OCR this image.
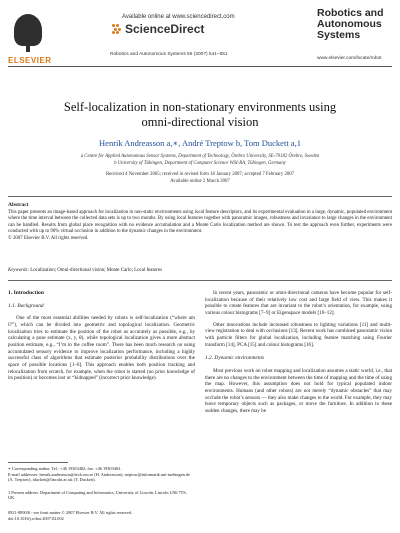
ELSEVIER
Available online at www.sciencedirect.com
ScienceDirect
Robotics and Autonomous Systems 55 (2007) 541–551
Robotics and
Autonomous
Systems
www.elsevier.com/locate/robot
Self-localization in non-stationary environments using
omni-directional vision
Henrik Andreasson a,∗, André Treptow b, Tom Duckett a,1
a Centre for Applied Autonomous Sensor Systems, Department of Technology, Örebro University, SE-70182 Örebro, Sweden
b University of Tübingen, Department of Computer Science WSI-RA, Tübingen, Germany
Received 4 November 2005; received in revised form 18 January 2007; accepted 7 February 2007
Available online 2 March 2007
Abstract
This paper presents an image-based approach for localization in non-static environments using local feature descriptors, and its experimental evaluation in a large, dynamic, populated environment where the time interval between the collected data sets is up to two months. By using local features together with panoramic images, robustness and invariance to large changes in the environment can be handled. Results from global place recognition with no evidence accumulation and a Monte Carlo localization method are shown. To test the approach even further, experiments were conducted with up to 90% virtual occlusion in addition to the dynamic changes in the environment.
© 2007 Elsevier B.V. All rights reserved.
Keywords: Localization; Omni-directional vision; Monte Carlo; Local features
1. Introduction
1.1. Background

One of the most essential abilities needed by robots is self-localization (“where am I?”), which can be divided into geometric and topological localization. Geometric localization tries to estimate the position of the robot as accurately as possible, e.g., by calculating a pose estimate (x, y, θ), while topological localization gives a more abstract position estimate, e.g., “I’m in the coffee room”. There has been much research on using accumulated sensory evidence to improve localization performance, including a highly successful class of algorithms that estimate posterior probability distributions over the space of possible locations [1–6]. This approach enables both position tracking and relocalization from scratch, for example, when the robot is started (no prior knowledge of its position) or becomes lost or “kidnapped” (incorrect prior knowledge).

∗ Corresponding author. Tel.: +46 19303482; fax: +46 19303463.
E-mail addresses: henrik.andreasson@tech.oru.se (H. Andreasson), treptow@informatik.uni-tuebingen.de (A. Treptow), tduckett@lincoln.ac.uk (T. Duckett).
1 Present address: Department of Computing and Informatics, University of Lincoln, Lincoln LN6 7TS, UK.
0921-8890/$ - see front matter © 2007 Elsevier B.V. All rights reserved.
doi:10.1016/j.robot.2007.02.002

In recent years, panoramic or omni-directional cameras have become popular for self-localization because of their relatively low cost and large field of view. This makes it possible to create features that are invariant to the robot’s orientation, for example, using various colour histograms [7–9] or Eigenspace models [10–12].

Other innovations include increased robustness to lighting variations [11] and multi-view registration to deal with occlusions [13]. Recent work has combined panoramic vision with particle filters for global localization, including feature matching using Fourier transform [14], PCA [15] and colour histograms [16].

1.2. Dynamic environments

Most previous work on robot mapping and localization assumes a static world, i.e., that there are no changes to the environment between the time of mapping and the time of using the map. However, this assumption does not hold for typical populated indoor environments. Humans (and other robots) are not merely “dynamic obstacles” that may occlude the robot’s sensors — they also make changes to the world. For example, they may leave temporary objects such as packages, or move the furniture. In addition to these sudden changes, there may be
